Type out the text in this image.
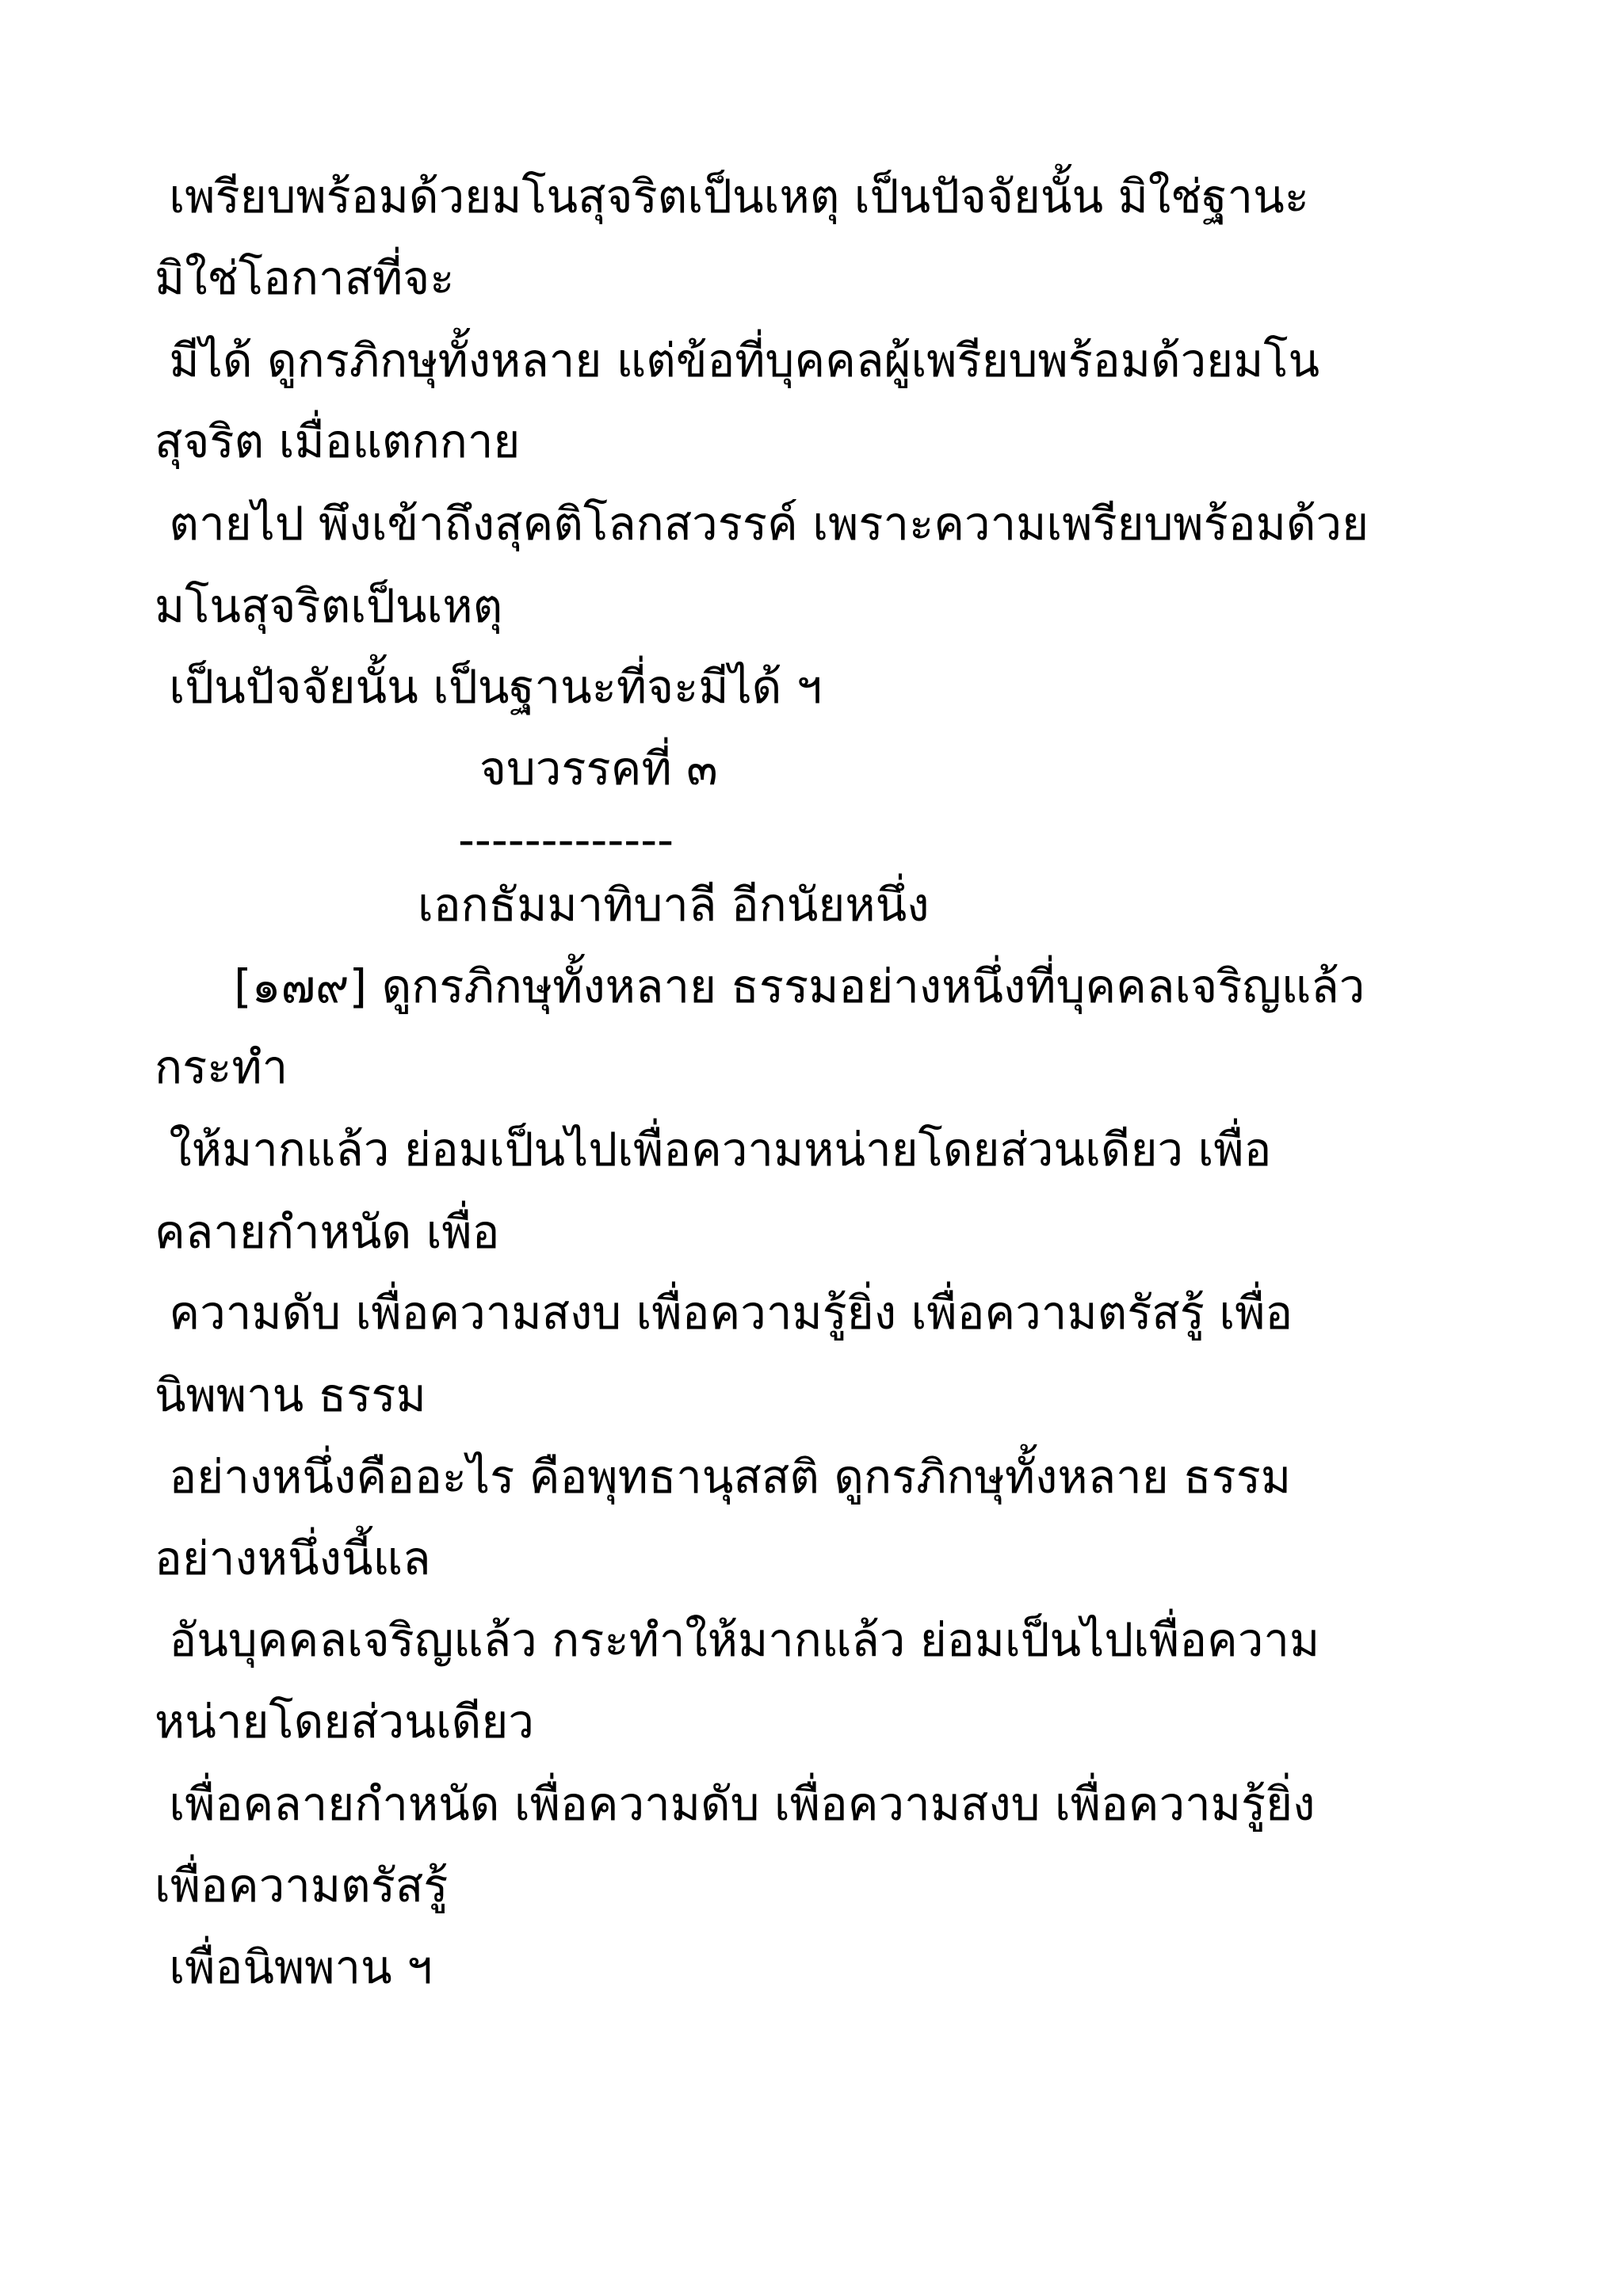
เพรียบพร้อมด้วยมโนสุจริตเป็นเหตุ เป็นปัจจัยนั้น มิใช่ฐานะ
มิใช่โอกาสที่จะ
มีได้ ดูกรภิกษุทั้งหลาย แต่ข้อที่บุคคลผู้เพรียบพร้อมด้วยมโน
สุจริต เมื่อแตกกาย
ตายไป พึงเข้าถึงสุคติโลกสวรรค์ เพราะความเพรียบพร้อมด้วย
มโนสุจริตเป็นเหตุ
เป็นปัจจัยนั้น เป็นฐานะที่จะมีได้ ฯ
จบวรรคที่ ๓
-------------
เอกธัมมาทิบาลี อีกนัยหนึ่ง
[๑๗๙] ดูกรภิกษุทั้งหลาย ธรรมอย่างหนึ่งที่บุคคลเจริญแล้ว
กระทำ
ให้มากแล้ว ย่อมเป็นไปเพื่อความหน่ายโดยส่วนเดียว เพื่อ
คลายกำหนัด เพื่อ
ความดับ เพื่อความสงบ เพื่อความรู้ยิ่ง เพื่อความตรัสรู้ เพื่อ
นิพพาน ธรรม
อย่างหนึ่งคืออะไร คือพุทธานุสสติ ดูกรภิกษุทั้งหลาย ธรรม
อย่างหนึ่งนี้แล
อันบุคคลเจริญแล้ว กระทำให้มากแล้ว ย่อมเป็นไปเพื่อความ
หน่ายโดยส่วนเดียว
เพื่อคลายกำหนัด เพื่อความดับ เพื่อความสงบ เพื่อความรู้ยิ่ง
เพื่อความตรัสรู้
เพื่อนิพพาน ฯ
